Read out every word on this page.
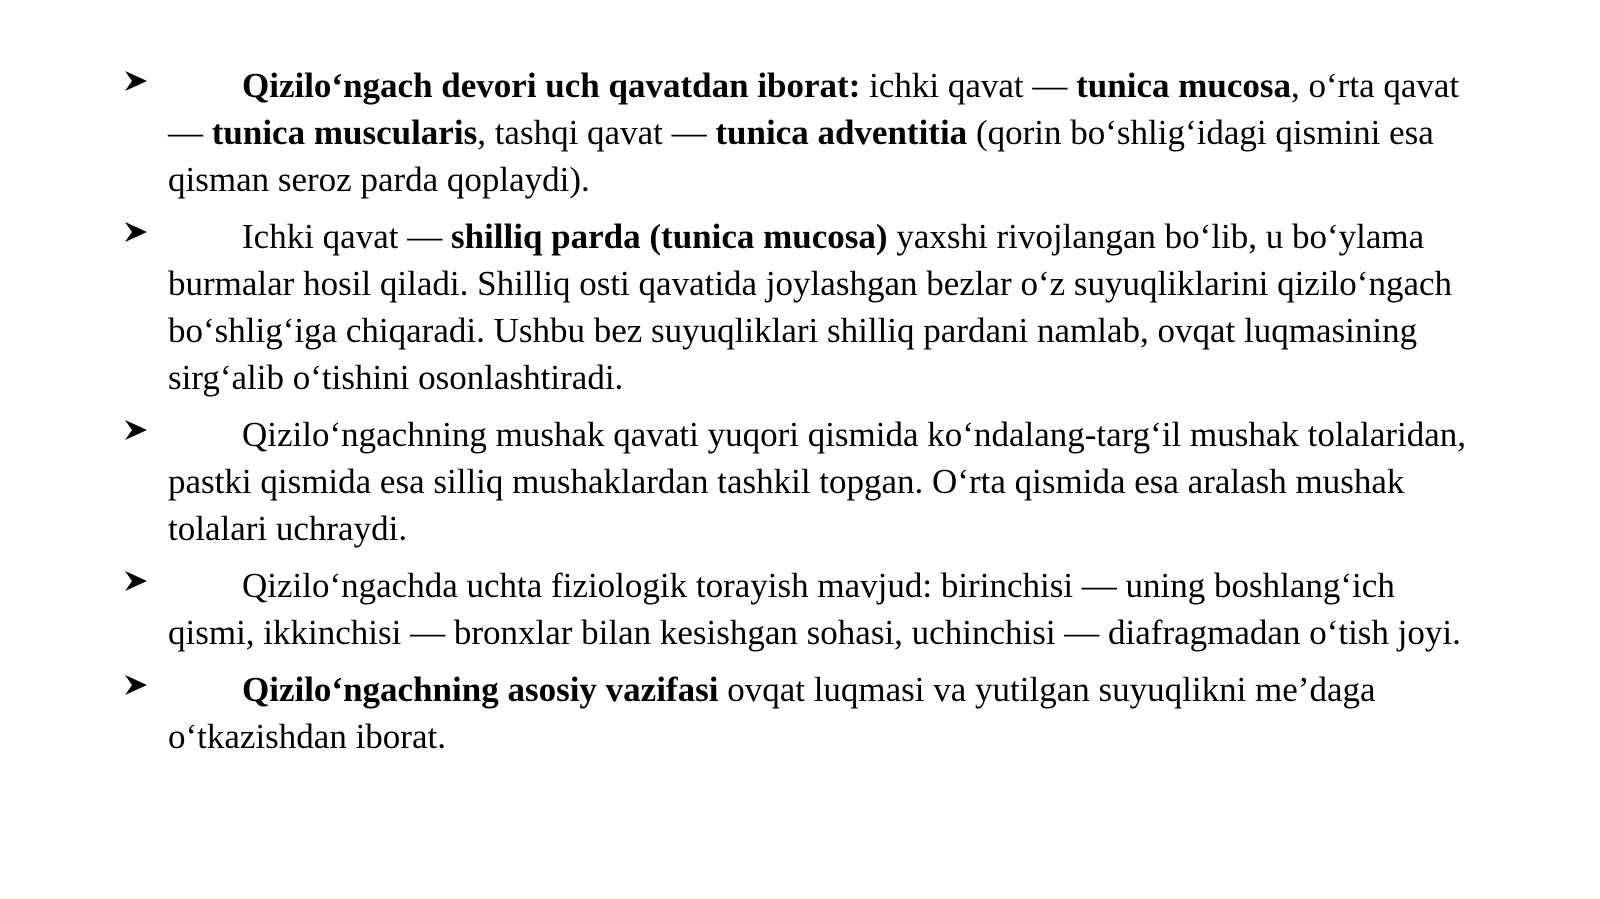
Qizilo‘ngach devori uch qavatdan iborat: ichki qavat — tunica mucosa, o‘rta qavat — tunica muscularis, tashqi qavat — tunica adventitia (qorin bo‘shlig‘idagi qismini esa qisman seroz parda qoplaydi).
Ichki qavat — shilliq parda (tunica mucosa) yaxshi rivojlangan bo‘lib, u bo‘ylama burmalar hosil qiladi. Shilliq osti qavatida joylashgan bezlar o‘z suyuqliklarini qizilo‘ngach bo‘shlig‘iga chiqaradi. Ushbu bez suyuqliklari shilliq pardani namlab, ovqat luqmasining sirg‘alib o‘tishini osonlashtiradi.
Qizilo‘ngachning mushak qavati yuqori qismida ko‘ndalang-targ‘il mushak tolalaridan, pastki qismida esa silliq mushaklardan tashkil topgan. O‘rta qismida esa aralash mushak tolalari uchraydi.
Qizilo‘ngachda uchta fiziologik torayish mavjud: birinchisi — uning boshlang‘ich qismi, ikkinchisi — bronxlar bilan kesishgan sohasi, uchinchisi — diafragmadan o‘tish joyi.
Qizilo‘ngachning asosiy vazifasi ovqat luqmasi va yutilgan suyuqlikni me’daga o‘tkazishdan iborat.
